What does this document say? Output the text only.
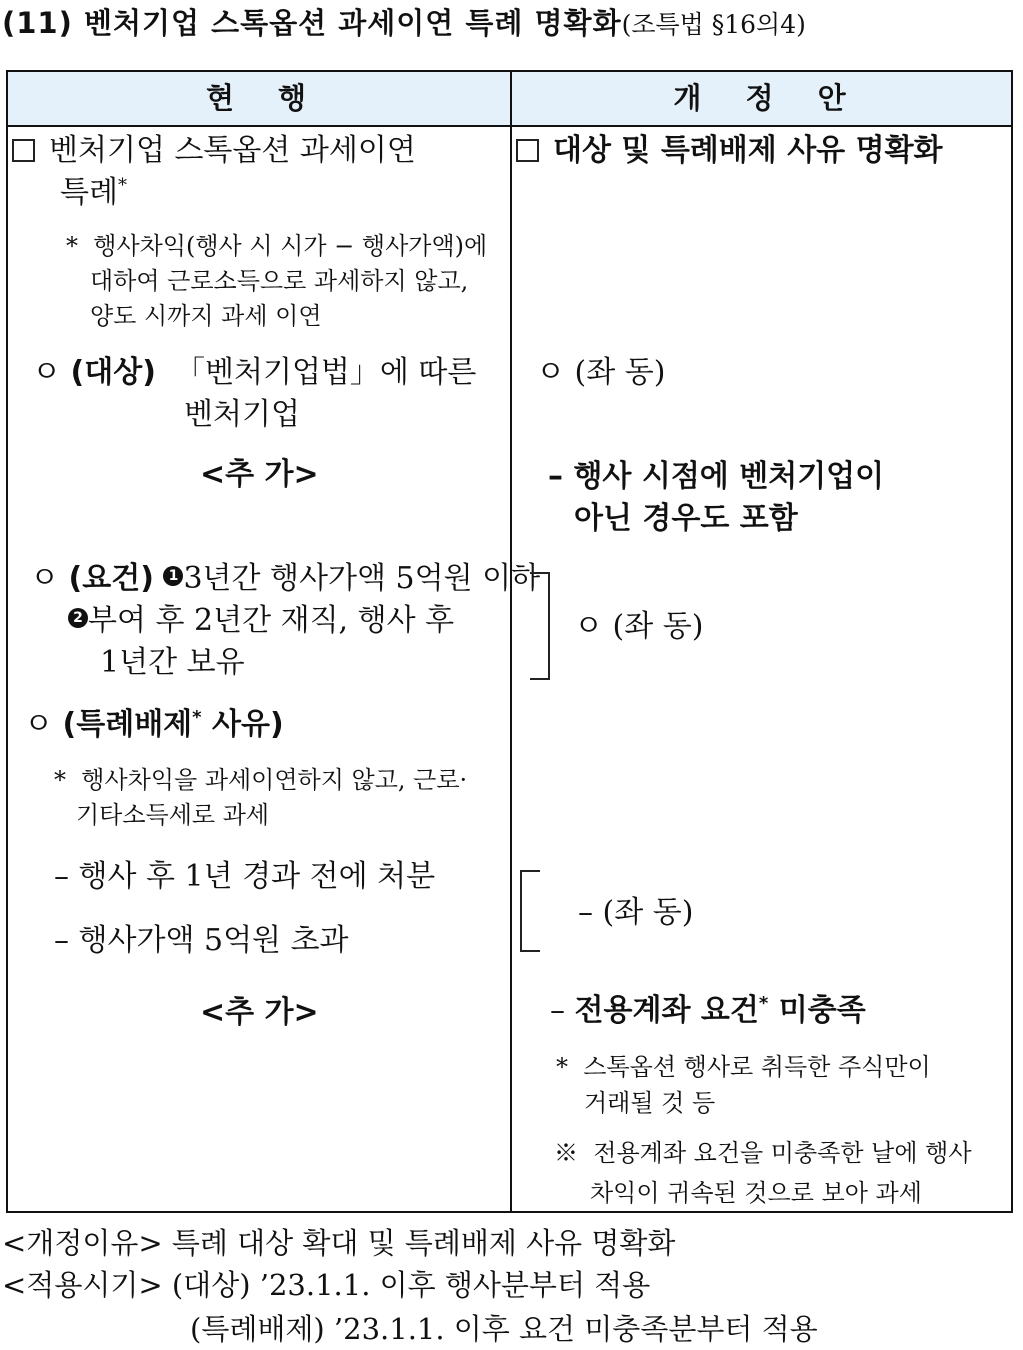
(11) 벤처기업 스톡옵션 과세이연 특례 명확화(조특법 §16의4)
현 행	개 정 안
벤처기업 스톡옵션 과세이연
특례*
* 행사차익(행사 시 시가 − 행사가액)에
대하여 근로소득으로 과세하지 않고,
양도 시까지 과세 이연
ㅇ (대상) 「벤처기업법」에 따른
벤처기업
<추 가>
ㅇ (요건) 1 3년간 행사가액 5억원 이하
2 부여 후 2년간 재직, 행사 후
1년간 보유
ㅇ (특례배제* 사유)
* 행사차익을 과세이연하지 않고, 근로·
기타소득세로 과세
– 행사 후 1년 경과 전에 처분
– 행사가액 5억원 초과
<추 가>
대상 및 특례배제 사유 명확화
ㅇ (좌 동)
– 행사 시점에 벤처기업이
아닌 경우도 포함
ㅇ (좌 동)
– (좌 동)
– 전용계좌 요건* 미충족
* 스톡옵션 행사로 취득한 주식만이
거래될 것 등
※ 전용계좌 요건을 미충족한 날에 행사
차익이 귀속된 것으로 보아 과세
<개정이유> 특례 대상 확대 및 특례배제 사유 명확화
<적용시기> (대상) ’23.1.1. 이후 행사분부터 적용
(특례배제) ’23.1.1. 이후 요건 미충족분부터 적용
